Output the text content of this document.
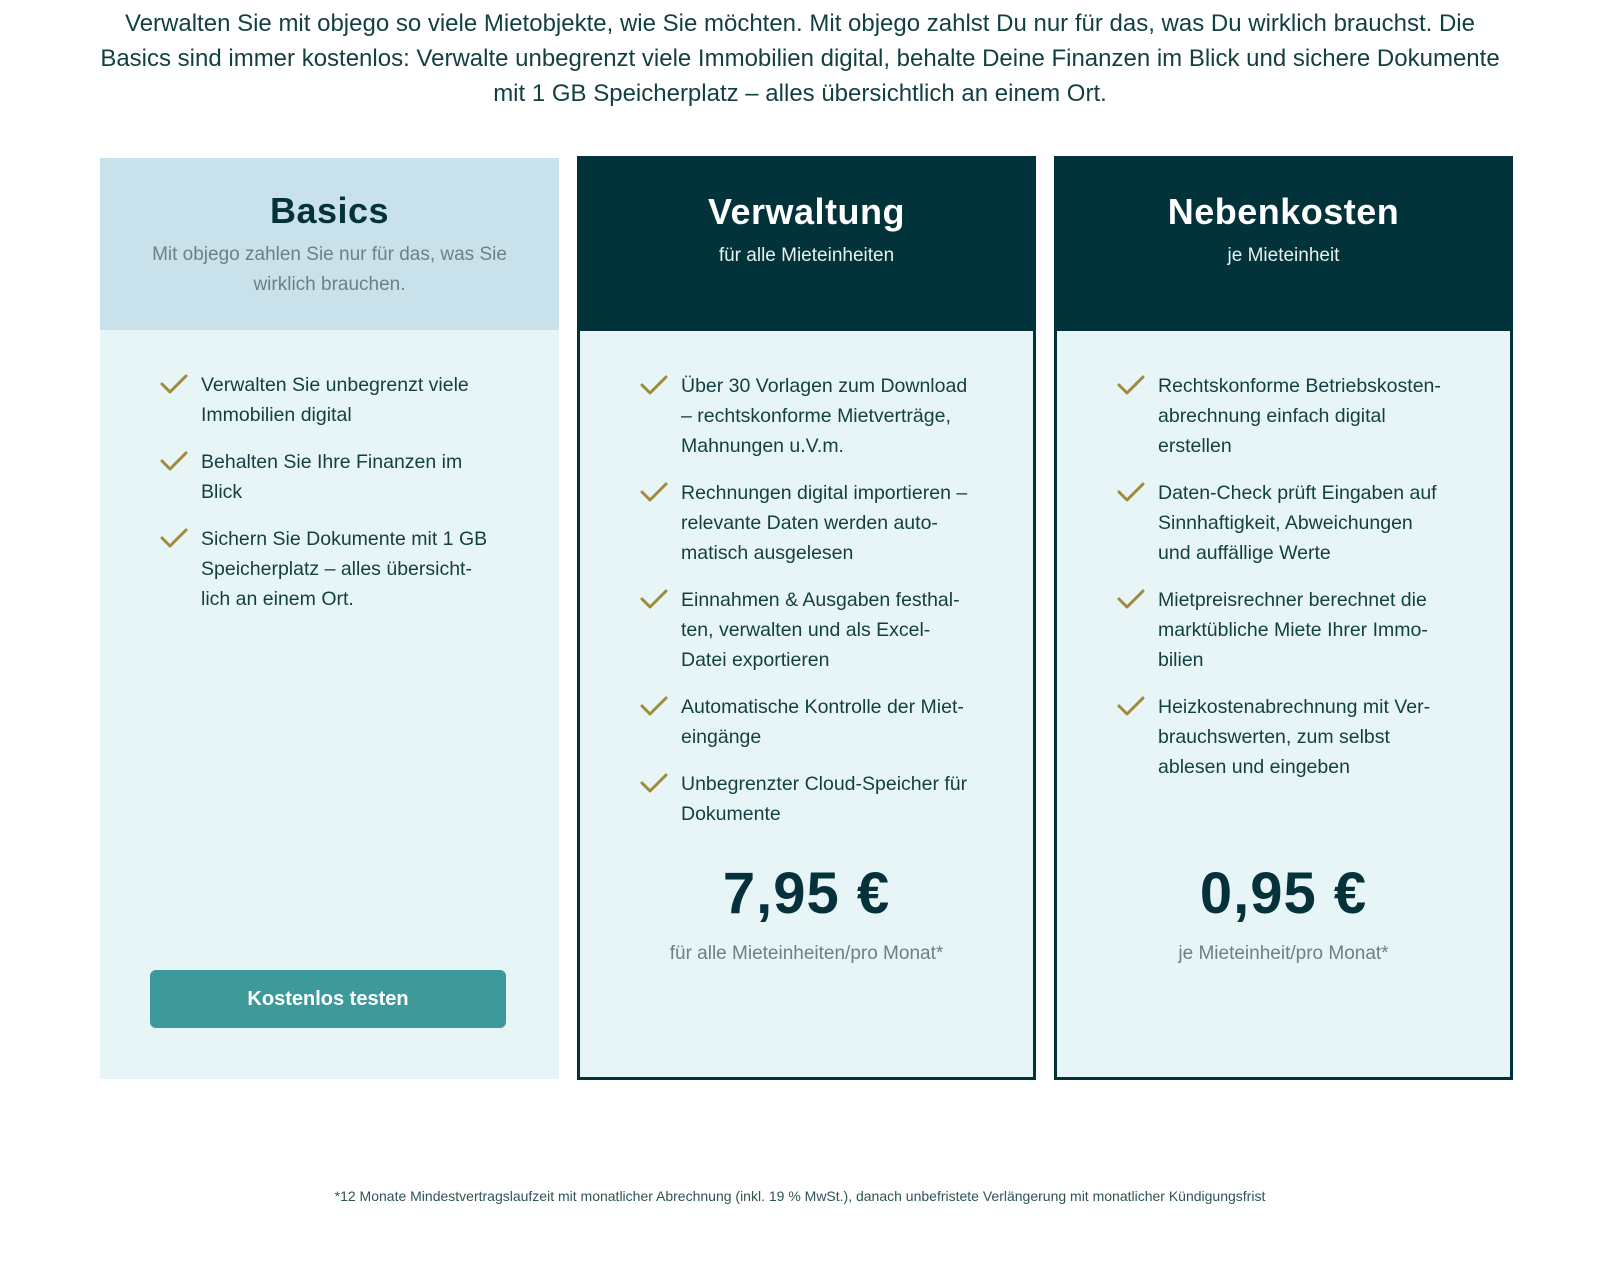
Verwalten Sie mit objego so viele Mietobjekte, wie Sie möchten. Mit objego zahlst Du nur für das, was Du wirklich brauchst. Die Basics sind immer kostenlos: Verwalte unbegrenzt viele Immobilien digital, behalte Deine Finanzen im Blick und sichere Dokumente mit 1 GB Speicherplatz – alles übersichtlich an einem Ort.

Basics

Mit objego zahlen Sie nur für das, was Sie wirklich brauchen.

Verwalten Sie unbegrenzt viele Immobilien digital
Behalten Sie Ihre Finanzen im Blick
Sichern Sie Dokumente mit 1 GB Speicherplatz – alles übersicht-lich an einem Ort.
Kostenlos testen
Verwaltung

für alle Mieteinheiten

Über 30 Vorlagen zum Download – rechtskonforme Mietverträge, Mahnungen u.V.m.
Rechnungen digital importieren – relevante Daten werden auto-matisch ausgelesen
Einnahmen & Ausgaben festhal-ten, verwalten und als Excel-Datei exportieren
Automatische Kontrolle der Miet-eingänge
Unbegrenzter Cloud-Speicher für Dokumente
7,95 €
für alle Mieteinheiten/pro Monat*
Nebenkosten

je Mieteinheit

Rechtskonforme Betriebskosten-abrechnung einfach digital erstellen
Daten-Check prüft Eingaben auf Sinnhaftigkeit, Abweichungen und auffällige Werte
Mietpreisrechner berechnet die marktübliche Miete Ihrer Immo-bilien
Heizkostenabrechnung mit Ver-brauchswerten, zum selbst ablesen und eingeben
0,95 €
je Mieteinheit/pro Monat*

*12 Monate Mindestvertragslaufzeit mit monatlicher Abrechnung (inkl. 19 % MwSt.), danach unbefristete Verlängerung mit monatlicher Kündigungsfrist
